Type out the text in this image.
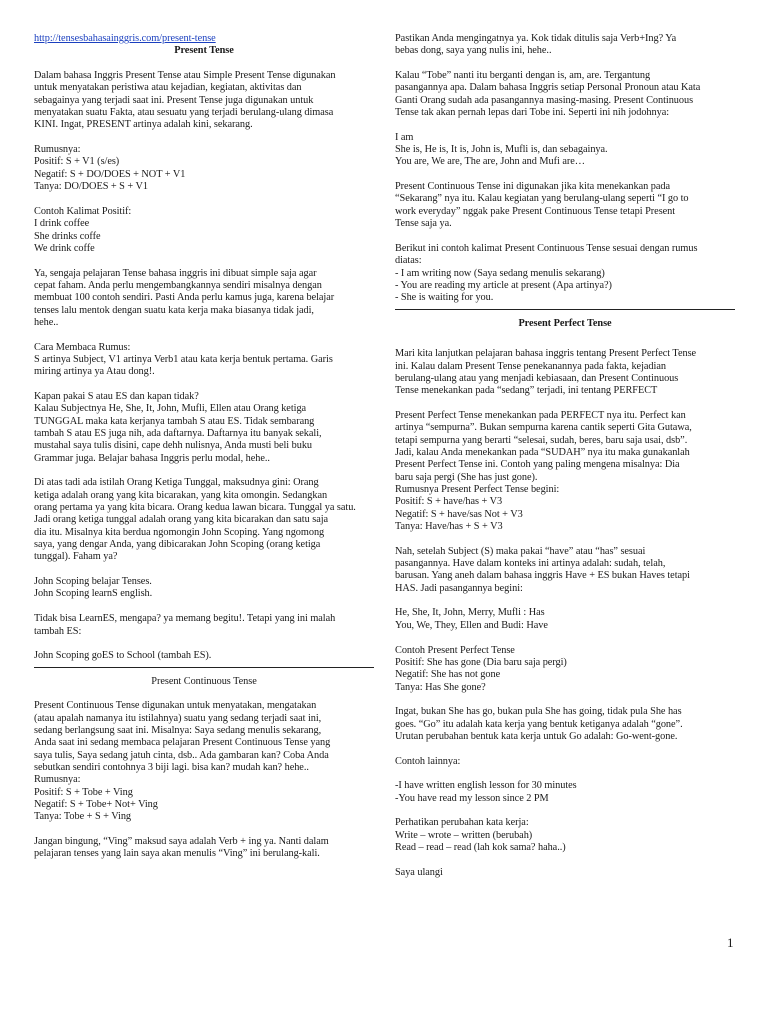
http://tensesbahasainggris.com/present-tense
Present Tense
Dalam bahasa Inggris Present Tense atau Simple Present Tense digunakan
untuk menyatakan peristiwa atau kejadian, kegiatan, aktivitas dan
sebagainya yang terjadi saat ini. Present Tense juga digunakan untuk
menyatakan suatu Fakta, atau sesuatu yang terjadi berulang-ulang dimasa
KINI. Ingat, PRESENT artinya adalah kini, sekarang.
Rumusnya:
Positif: S + V1 (s/es)
Negatif: S + DO/DOES + NOT + V1
Tanya: DO/DOES + S + V1
Contoh Kalimat Positif:
I drink coffee
She drinks coffe
We drink coffe
Ya, sengaja pelajaran Tense bahasa inggris ini dibuat simple saja agar
cepat faham. Anda perlu mengembangkannya sendiri misalnya dengan
membuat 100 contoh sendiri. Pasti Anda perlu kamus juga, karena belajar
tenses lalu mentok dengan suatu kata kerja maka biasanya tidak jadi,
hehe..
Cara Membaca Rumus:
S artinya Subject, V1 artinya Verb1 atau kata kerja bentuk pertama. Garis
miring artinya ya Atau dong!.
Kapan pakai S atau ES dan kapan tidak?
Kalau Subjectnya He, She, It, John, Mufli, Ellen atau Orang ketiga
TUNGGAL maka kata kerjanya tambah S atau ES. Tidak sembarang
tambah S atau ES juga nih, ada daftarnya. Daftarnya itu banyak sekali,
mustahal saya tulis disini, cape dehh nulisnya, Anda musti beli buku
Grammar juga. Belajar bahasa Inggris perlu modal, hehe..
Di atas tadi ada istilah Orang Ketiga Tunggal, maksudnya gini: Orang
ketiga adalah orang yang kita bicarakan, yang kita omongin. Sedangkan
orang pertama ya yang kita bicara. Orang kedua lawan bicara. Tunggal ya satu.
Jadi orang ketiga tunggal adalah orang yang kita bicarakan dan satu saja
dia itu. Misalnya kita berdua ngomongin John Scoping. Yang ngomong
saya, yang dengar Anda, yang dibicarakan John Scoping (orang ketiga
tunggal). Faham ya?
John Scoping belajar Tenses.
John Scoping learnS english.
Tidak bisa LearnES, mengapa? ya memang begitu!. Tetapi yang ini malah
tambah ES:
John Scoping goES to School (tambah ES).
Present Continuous Tense
Present Continuous Tense digunakan untuk menyatakan, mengatakan
(atau apalah namanya itu istilahnya) suatu yang sedang terjadi saat ini,
sedang berlangsung saat ini. Misalnya: Saya sedang menulis sekarang,
Anda saat ini sedang membaca pelajaran Present Continuous Tense yang
saya tulis, Saya sedang jatuh cinta, dsb.. Ada gambaran kan? Coba Anda
sebutkan sendiri contohnya 3 biji lagi. bisa kan? mudah kan? hehe..
Rumusnya:
Positif: S + Tobe + Ving
Negatif: S + Tobe+ Not+ Ving
Tanya: Tobe + S + Ving
Jangan bingung, “Ving” maksud saya adalah Verb + ing ya. Nanti dalam
pelajaran tenses yang lain saya akan menulis “Ving” ini berulang-kali.
Pastikan Anda mengingatnya ya. Kok tidak ditulis saja Verb+Ing? Ya
bebas dong, saya yang nulis ini, hehe..
Kalau “Tobe” nanti itu berganti dengan is, am, are. Tergantung
pasangannya apa. Dalam bahasa Inggris setiap Personal Pronoun atau Kata
Ganti Orang sudah ada pasangannya masing-masing. Present Continuous
Tense tak akan pernah lepas dari Tobe ini. Seperti ini nih jodohnya:
I am
She is, He is, It is, John is, Mufli is, dan sebagainya.
You are, We are, The are, John and Mufi are…
Present Continuous Tense ini digunakan jika kita menekankan pada
“Sekarang” nya itu. Kalau kegiatan yang berulang-ulang seperti “I go to
work everyday” nggak pake Present Continuous Tense tetapi Present
Tense saja ya.
Berikut ini contoh kalimat Present Continuous Tense sesuai dengan rumus
diatas:
- I am writing now (Saya sedang menulis sekarang)
- You are reading my article at present (Apa artinya?)
- She is waiting for you.
Present Perfect Tense
Mari kita lanjutkan pelajaran bahasa inggris tentang Present Perfect Tense
ini. Kalau dalam Present Tense penekanannya pada fakta, kejadian
berulang-ulang atau yang menjadi kebiasaan, dan Present Continuous
Tense menekankan pada “sedang” terjadi, ini tentang PERFECT
Present Perfect Tense menekankan pada PERFECT nya itu. Perfect kan
artinya “sempurna”. Bukan sempurna karena cantik seperti Gita Gutawa,
tetapi sempurna yang berarti “selesai, sudah, beres, baru saja usai, dsb”.
Jadi, kalau Anda menekankan pada “SUDAH” nya itu maka gunakanlah
Present Perfect Tense ini. Contoh yang paling mengena misalnya: Dia
baru saja pergi (She has just gone).
Rumusnya Present Perfect Tense begini:
Positif: S + have/has + V3
Negatif: S + have/sas Not + V3
Tanya: Have/has + S + V3
Nah, setelah Subject (S) maka pakai “have” atau “has” sesuai
pasangannya. Have dalam konteks ini artinya adalah: sudah, telah,
barusan. Yang aneh dalam bahasa inggris Have + ES bukan Haves tetapi
HAS. Jadi pasangannya begini:
He, She, It, John, Merry, Mufli : Has
You, We, They, Ellen and Budi: Have
Contoh Present Perfect Tense
Positif: She has gone (Dia baru saja pergi)
Negatif: She has not gone
Tanya: Has She gone?
Ingat, bukan She has go, bukan pula She has going, tidak pula She has
goes. “Go” itu adalah kata kerja yang bentuk ketiganya adalah “gone”.
Urutan perubahan bentuk kata kerja untuk Go adalah: Go-went-gone.
Contoh lainnya:
-I have written english lesson for 30 minutes
-You have read my lesson since 2 PM
Perhatikan perubahan kata kerja:
Write – wrote – written (berubah)
Read – read – read (lah kok sama? haha..)
Saya ulangi
1
